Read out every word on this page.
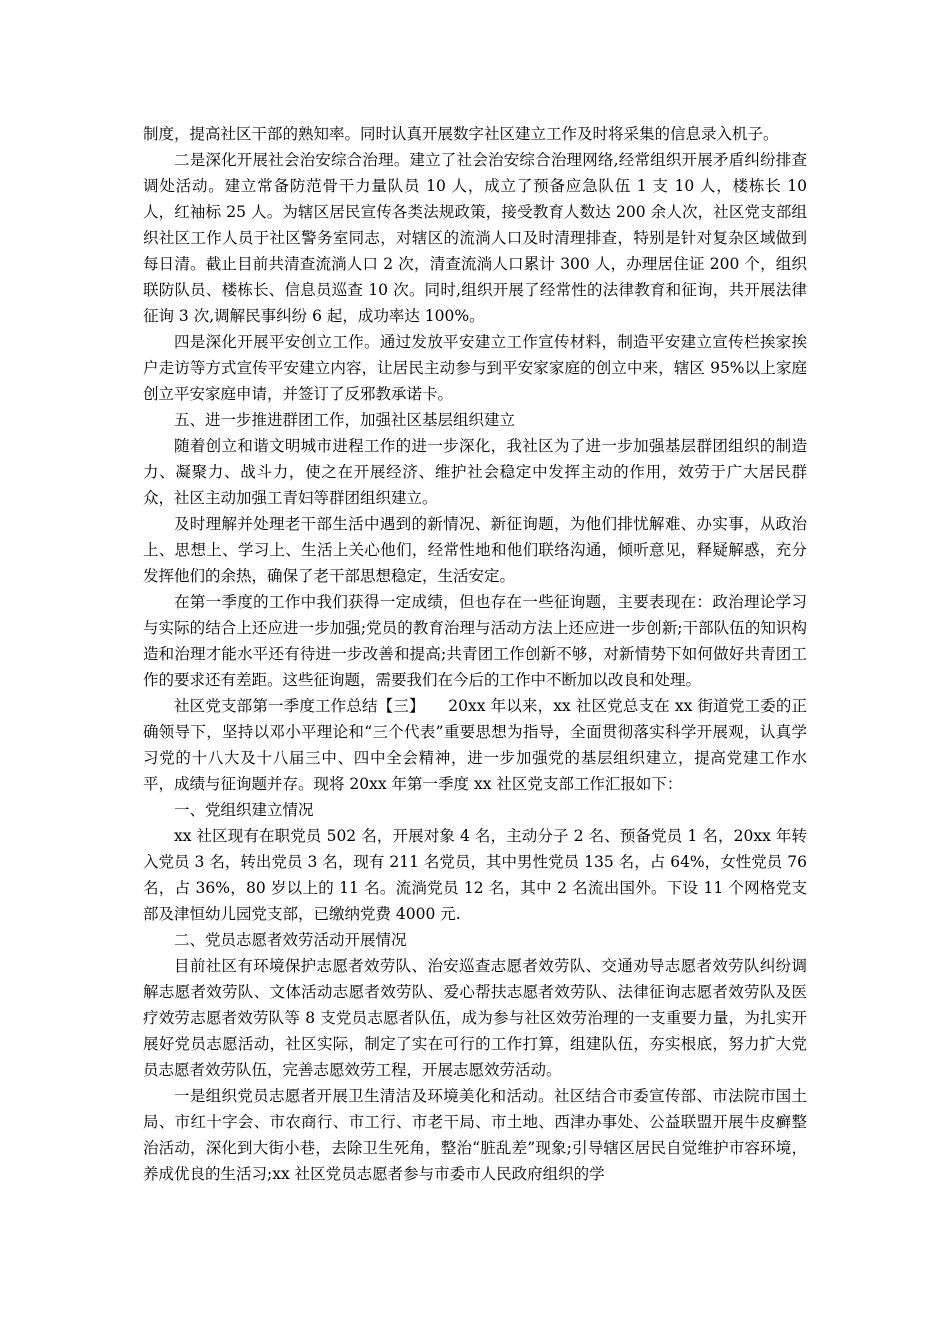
制度，提高社区干部的熟知率。同时认真开展数字社区建立工作及时将采集的信息录入机子。

二是深化开展社会治安综合治理。建立了社会治安综合治理网络,经常组织开展矛盾纠纷排查调处活动。建立常备防范骨干力量队员 10 人，成立了预备应急队伍 1 支 10 人，楼栋长 10 人，红袖标 25 人。为辖区居民宣传各类法规政策，接受教育人数达 200 余人次，社区党支部组织社区工作人员于社区警务室同志，对辖区的流淌人口及时清理排查，特别是针对复杂区域做到每日清。截止目前共清查流淌人口 2 次，清查流淌人口累计 300 人，办理居住证 200 个，组织联防队员、楼栋长、信息员巡查 10 次。同时,组织开展了经常性的法律教育和征询，共开展法律征询 3 次,调解民事纠纷 6 起，成功率达 100%。

四是深化开展平安创立工作。通过发放平安建立工作宣传材料，制造平安建立宣传栏挨家挨户走访等方式宣传平安建立内容，让居民主动参与到平安家家庭的创立中来，辖区 95%以上家庭创立平安家庭申请，并签订了反邪教承诺卡。

五、进一步推进群团工作，加强社区基层组织建立

随着创立和谐文明城市进程工作的进一步深化，我社区为了进一步加强基层群团组织的制造力、凝聚力、战斗力，使之在开展经济、维护社会稳定中发挥主动的作用，效劳于广大居民群众，社区主动加强工青妇等群团组织建立。

及时理解并处理老干部生活中遇到的新情况、新征询题，为他们排忧解难、办实事，从政治上、思想上、学习上、生活上关心他们，经常性地和他们联络沟通，倾听意见，释疑解惑，充分发挥他们的余热，确保了老干部思想稳定，生活安定。

在第一季度的工作中我们获得一定成绩，但也存在一些征询题，主要表现在：政治理论学习与实际的结合上还应进一步加强;党员的教育治理与活动方法上还应进一步创新;干部队伍的知识构造和治理才能水平还有待进一步改善和提高;共青团工作创新不够，对新情势下如何做好共青团工作的要求还有差距。这些征询题，需要我们在今后的工作中不断加以改良和处理。

社区党支部第一季度工作总结【三】　　20xx 年以来，xx 社区党总支在 xx 街道党工委的正确领导下，坚持以邓小平理论和“三个代表”重要思想为指导，全面贯彻落实科学开展观，认真学习党的十八大及十八届三中、四中全会精神，进一步加强党的基层组织建立，提高党建工作水平，成绩与征询题并存。现将 20xx 年第一季度 xx 社区党支部工作汇报如下：

一、党组织建立情况

xx 社区现有在职党员 502 名，开展对象 4 名，主动分子 2 名、预备党员 1 名，20xx 年转入党员 3 名，转出党员 3 名，现有 211 名党员，其中男性党员 135 名，占 64%，女性党员 76 名，占 36%，80 岁以上的 11 名。流淌党员 12 名，其中 2 名流出国外。下设 11 个网格党支部及津恒幼儿园党支部，已缴纳党费 4000 元.

二、党员志愿者效劳活动开展情况

目前社区有环境保护志愿者效劳队、治安巡查志愿者效劳队、交通劝导志愿者效劳队纠纷调解志愿者效劳队、文体活动志愿者效劳队、爱心帮扶志愿者效劳队、法律征询志愿者效劳队及医疗效劳志愿者效劳队等 8 支党员志愿者队伍，成为参与社区效劳治理的一支重要力量，为扎实开展好党员志愿活动，社区实际，制定了实在可行的工作打算，组建队伍，夯实根底，努力扩大党员志愿者效劳队伍，完善志愿效劳工程，开展志愿效劳活动。

一是组织党员志愿者开展卫生清洁及环境美化和活动。社区结合市委宣传部、市法院市国土局、市红十字会、市农商行、市工行、市老干局、市土地、西津办事处、公益联盟开展牛皮癣整治活动，深化到大街小巷，去除卫生死角，整治“脏乱差”现象;引导辖区居民自觉维护市容环境，养成优良的生活习;xx 社区党员志愿者参与市委市人民政府组织的学
